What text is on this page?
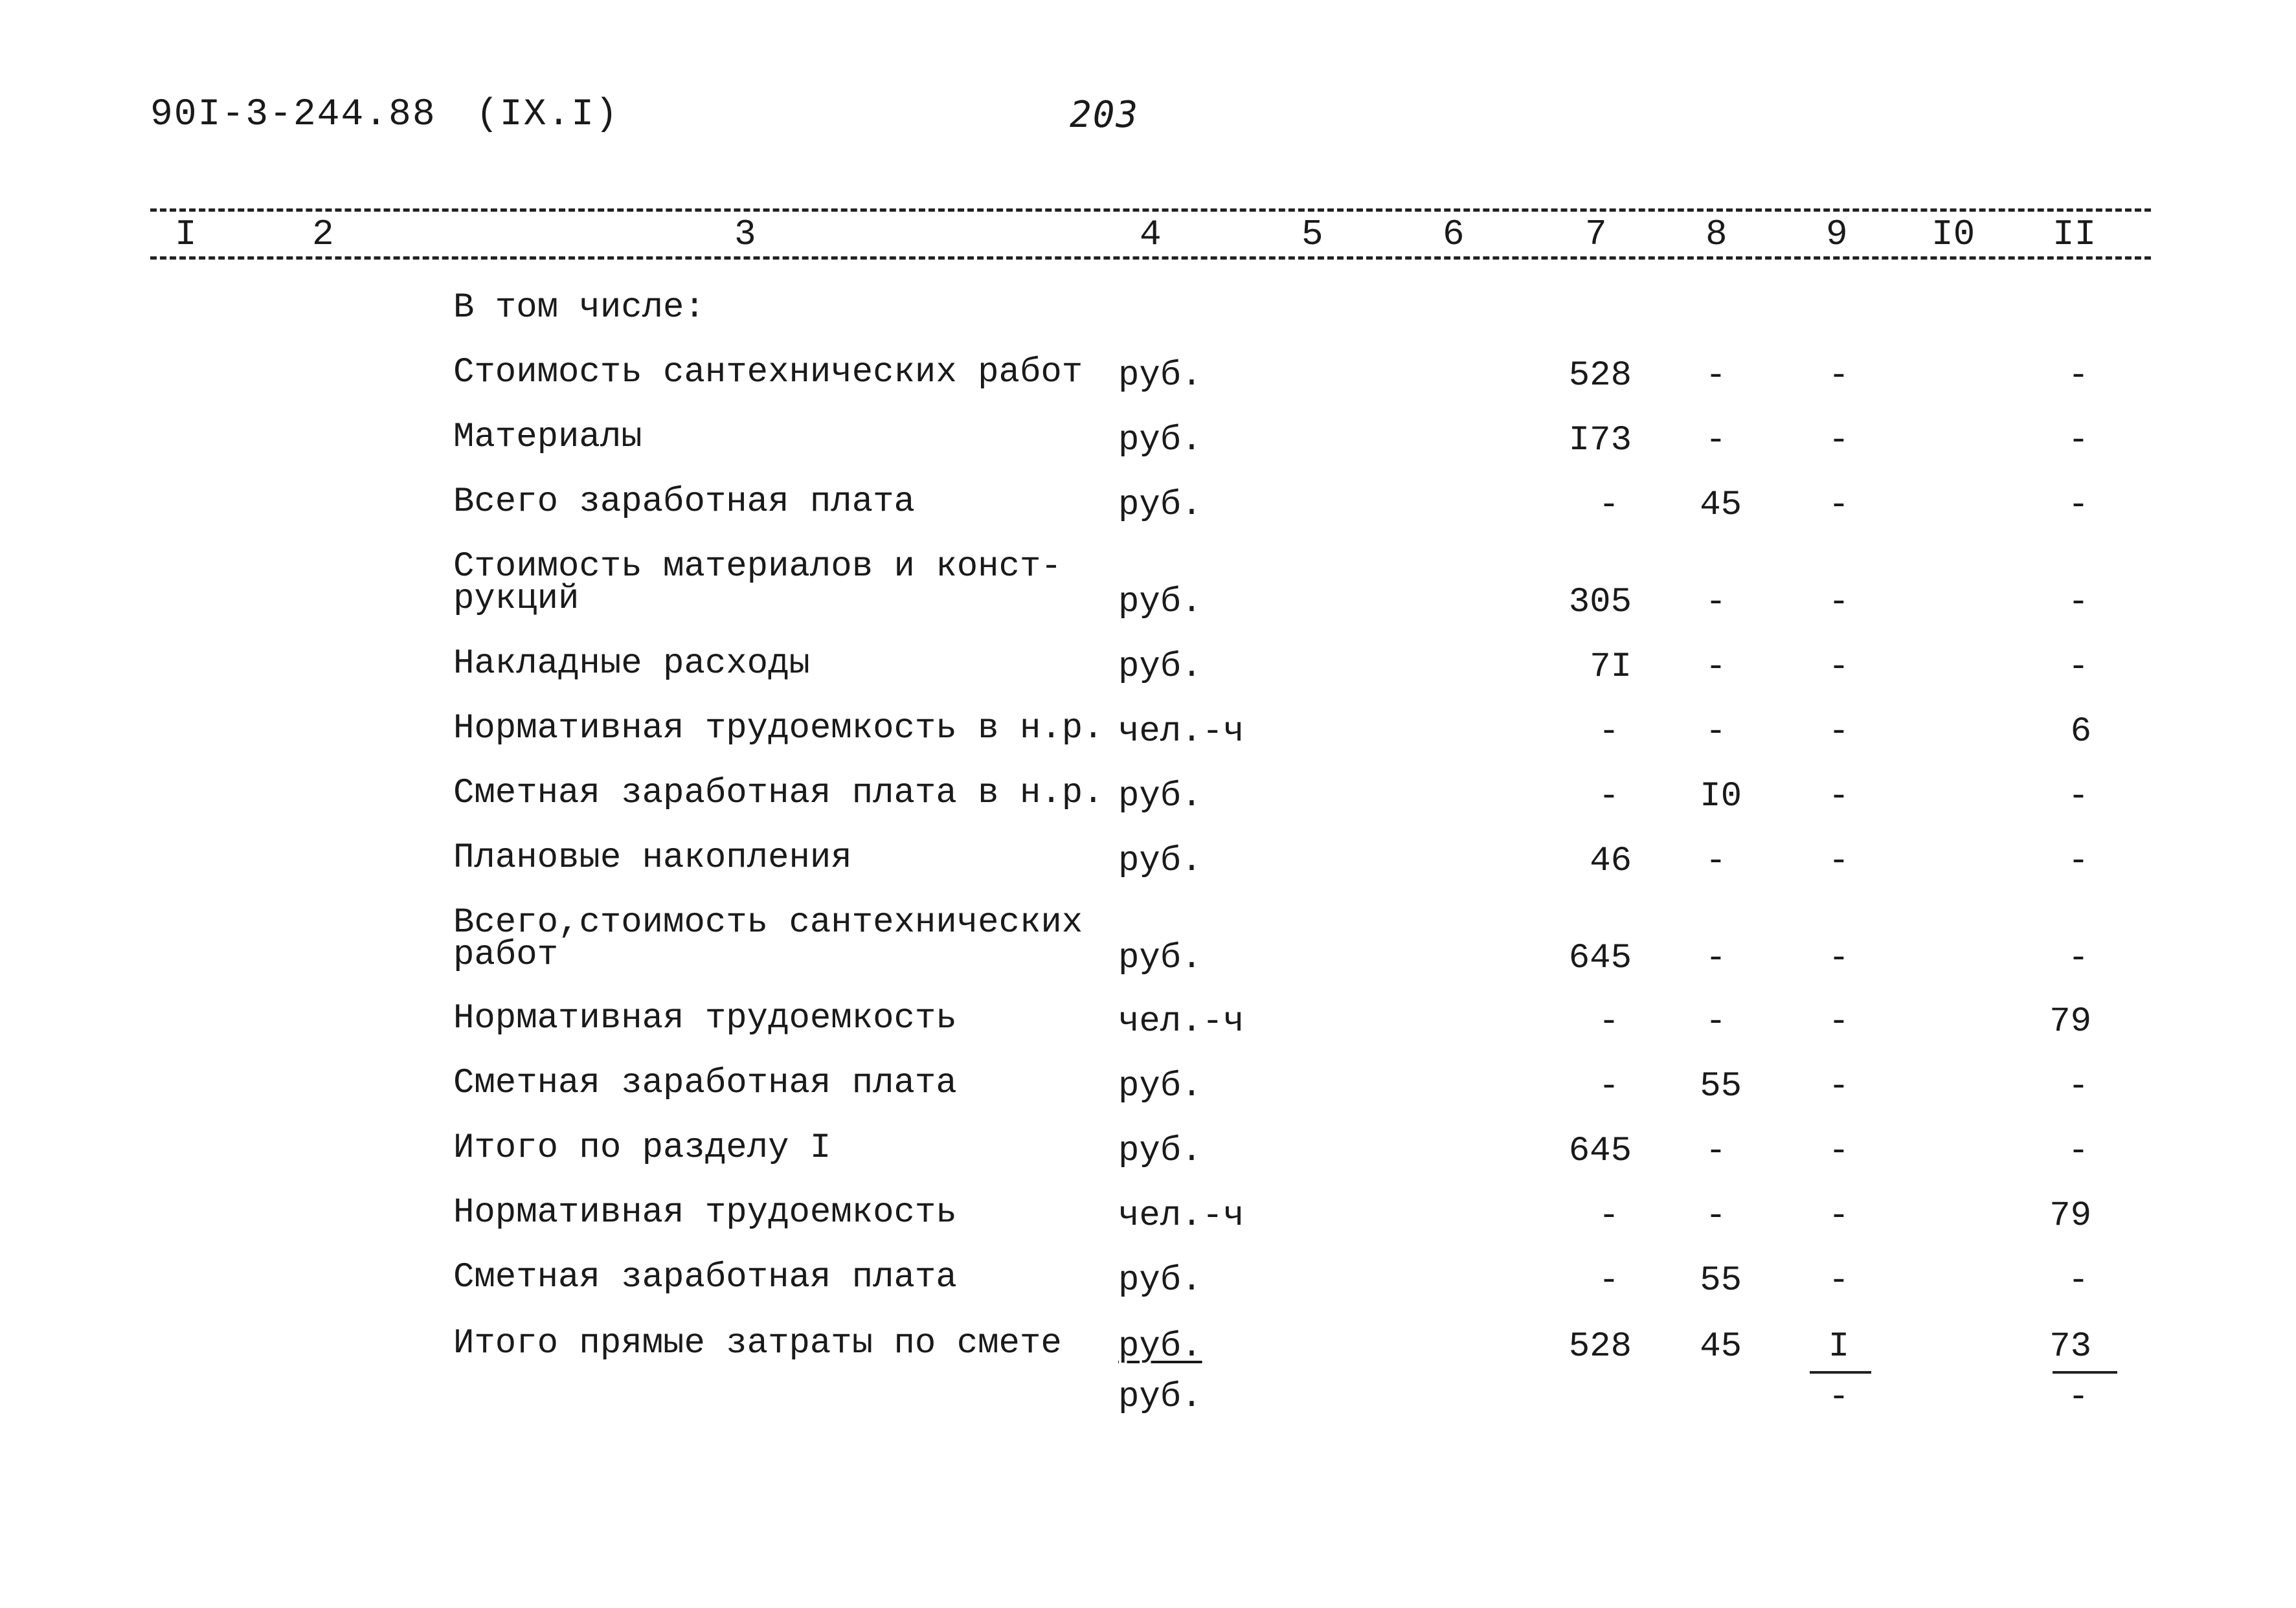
90I-3-244.88 (IX.I)	203
I	2	3	4	5	6	7	8	9 I0 II
В том числе:
Стоимость сантехнических работ руб.	528	-	-	-
Материалы	руб.	I73	-	-	-
Всего заработная плата	руб.	-	45	-	-
Стоимость материалов и конст-
рукций	руб.	305	-	-	-
Накладные расходы	руб.	7I	-	-	-
Нормативная трудоемкость в н.р. чел.-ч	-	-	-	6
Сметная заработная плата в н.р. руб.	-	I0	-	-
Плановые накопления	руб.	46	-	-	-
Всего,стоимость сантехнических
работ	руб.	645	-	-	-
Нормативная трудоемкость	чел.-ч	-	-	-	79
Сметная заработная плата	руб.	-	55	-	-
Итого по разделу I	руб.	645	-	-	-
Нормативная трудоемкость	чел.-ч	-	-	-	79
Сметная заработная плата	руб.	-	55	-	-
Итого прямые затраты по смете руб.	528	45	I	73
руб.	-	-
